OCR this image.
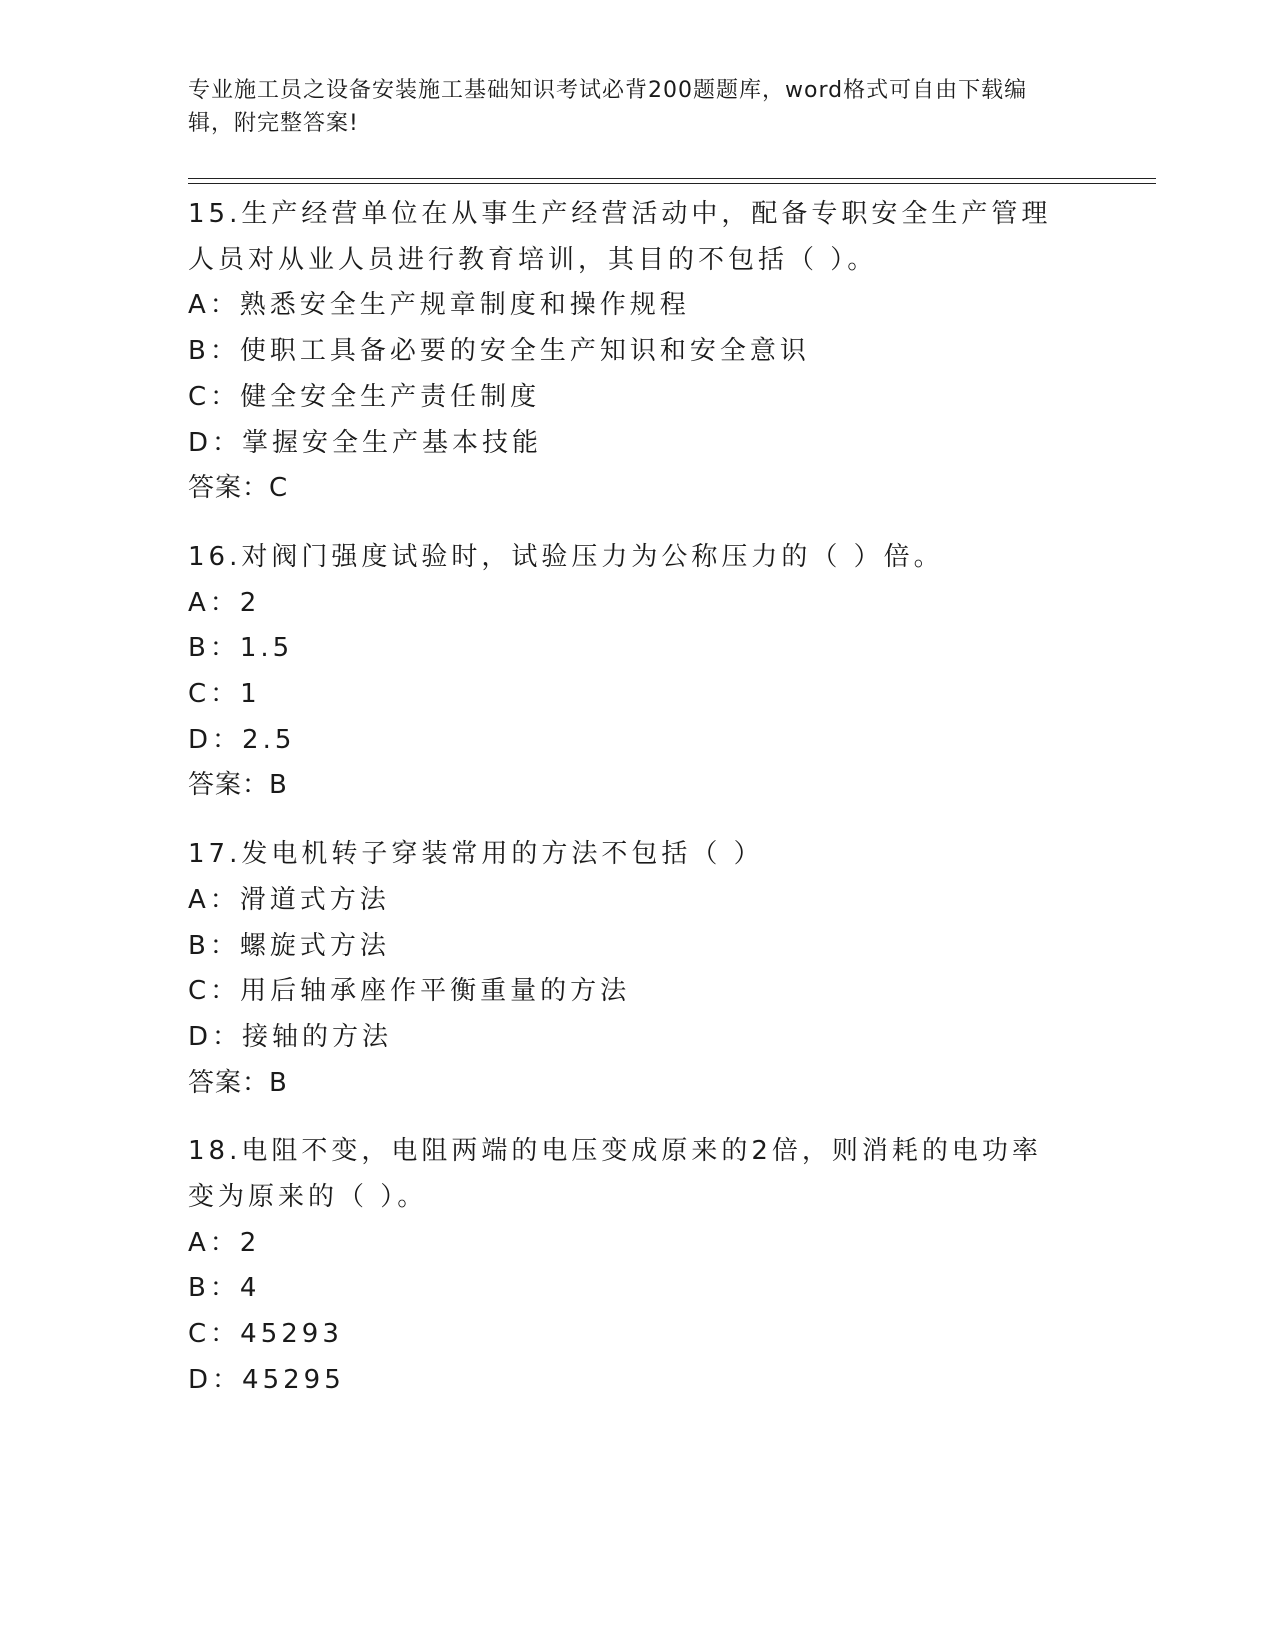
专业施工员之设备安装施工基础知识考试必背200题题库，word格式可自由下载编辑，附完整答案!
15.生产经营单位在从事生产经营活动中，配备专职安全生产管理人员对从业人员进行教育培训，其目的不包括（ ）。
A：熟悉安全生产规章制度和操作规程
B：使职工具备必要的安全生产知识和安全意识
C：健全安全生产责任制度
D：掌握安全生产基本技能
答案：C
16.对阀门强度试验时，试验压力为公称压力的（ ）倍。
A：2
B：1.5
C：1
D：2.5
答案：B
17.发电机转子穿装常用的方法不包括（ ）
A：滑道式方法
B：螺旋式方法
C：用后轴承座作平衡重量的方法
D：接轴的方法
答案：B
18.电阻不变，电阻两端的电压变成原来的2倍，则消耗的电功率变为原来的（ ）。
A：2
B：4
C：45293
D：45295
